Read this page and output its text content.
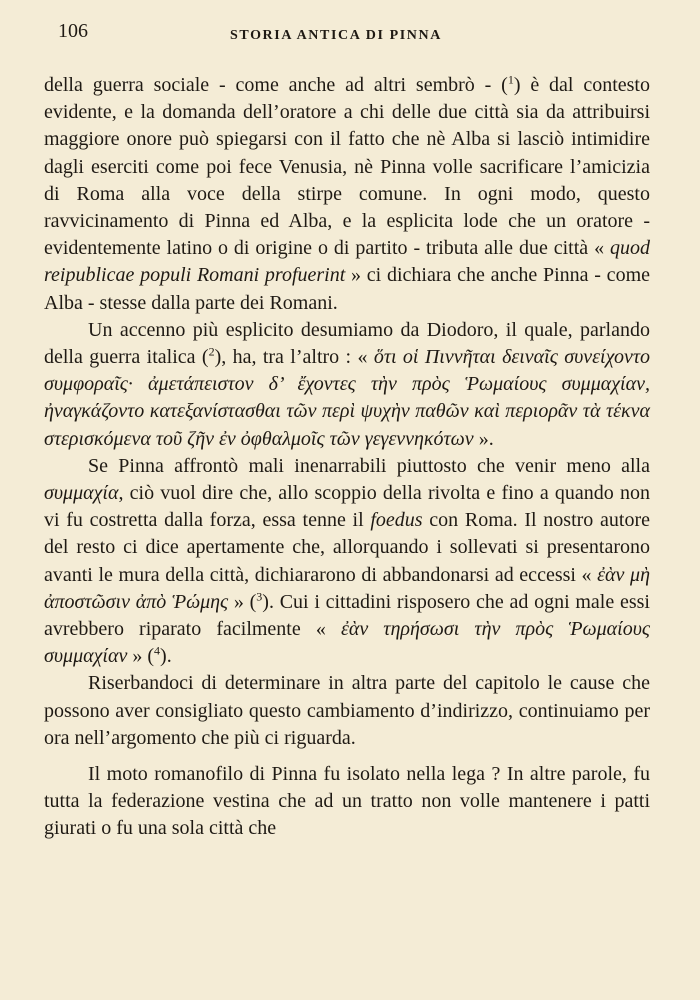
106	STORIA ANTICA DI PINNA

della guerra sociale - come anche ad altri sembrò - ($^1$) è dal contesto evidente, e la domanda dell’oratore a chi delle due città sia da attribuirsi maggiore onore può spiegarsi con il fatto che nè Alba si lasciò intimidire dagli eserciti come poi fece Venusia, nè Pinna volle sacrificare l’amicizia di Roma alla voce della stirpe comune. In ogni modo, questo ravvicinamento di Pinna ed Alba, e la esplicita lode che un oratore - evidentemente latino o di origine o di partito - tributa alle due città « quod reipublicae populi Romani profuerint » ci dichiara che anche Pinna - come Alba - stesse dalla parte dei Romani.

Un accenno più esplicito desumiamo da Diodoro, il quale, parlando della guerra italica ($^2$), ha, tra l’altro : « ὅτι οἱ Πιννῆται δειναῖς συνείχοντο συμφοραῖς· ἀμετάπειστον δ’ ἔχοντες τὴν πρὸς Ῥωμαίους συμμαχίαν, ἠναγκάζοντο κατεξανίστασθαι τῶν περὶ ψυχὴν παθῶν καὶ περιορᾶν τὰ τέκνα στερισκόμενα τοῦ ζῆν ἐν ὀφθαλμοῖς τῶν γεγεννηκότων ».

Se Pinna affrontò mali inenarrabili piuttosto che venir meno alla συμμαχία, ciò vuol dire che, allo scoppio della rivolta e fino a quando non vi fu costretta dalla forza, essa tenne il foedus con Roma. Il nostro autore del resto ci dice apertamente che, allorquando i sollevati si presentarono avanti le mura della città, dichiararono di abbandonarsi ad eccessi « ἐὰν μὴ ἀποστῶσιν ἀπὸ Ῥώμης » ($^3$). Cui i cittadini risposero che ad ogni male essi avrebbero riparato facilmente « ἐὰν τηρήσωσι τὴν πρὸς Ῥωμαίους συμμαχίαν » ($^4$).

Riserbandoci di determinare in altra parte del capitolo le cause che possono aver consigliato questo cambiamento d’indirizzo, continuiamo per ora nell’argomento che più ci riguarda.

Il moto romanofilo di Pinna fu isolato nella lega ? In altre parole, fu tutta la federazione vestina che ad un tratto non volle mantenere i patti giurati o fu una sola città che
